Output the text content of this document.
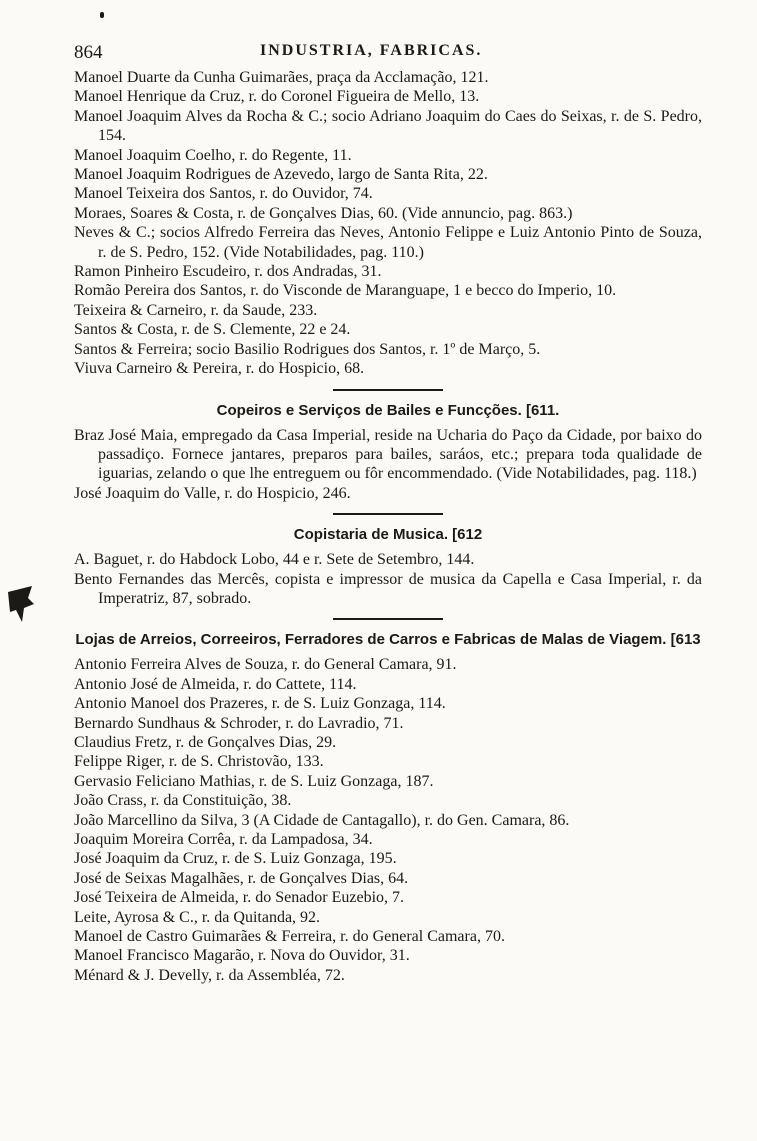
864	INDUSTRIA, FABRICAS.
Manoel Duarte da Cunha Guimarães, praça da Acclamação, 121.
Manoel Henrique da Cruz, r. do Coronel Figueira de Mello, 13.
Manoel Joaquim Alves da Rocha & C.; socio Adriano Joaquim do Caes do Seixas, r. de S. Pedro, 154.
Manoel Joaquim Coelho, r. do Regente, 11.
Manoel Joaquim Rodrigues de Azevedo, largo de Santa Rita, 22.
Manoel Teixeira dos Santos, r. do Ouvidor, 74.
Moraes, Soares & Costa, r. de Gonçalves Dias, 60. (Vide annuncio, pag. 863.)
Neves & C.; socios Alfredo Ferreira das Neves, Antonio Felippe e Luiz Antonio Pinto de Souza, r. de S. Pedro, 152. (Vide Notabilidades, pag. 110.)
Ramon Pinheiro Escudeiro, r. dos Andradas, 31.
Romão Pereira dos Santos, r. do Visconde de Maranguape, 1 e becco do Imperio, 10.
Teixeira & Carneiro, r. da Saude, 233.
Santos & Costa, r. de S. Clemente, 22 e 24.
Santos & Ferreira; socio Basilio Rodrigues dos Santos, r. 1º de Março, 5.
Viuva Carneiro & Pereira, r. do Hospicio, 68.
Copeiros e Serviços de Bailes e Funcções. [611.
Braz José Maia, empregado da Casa Imperial, reside na Ucharia do Paço da Cidade, por baixo do passadiço. Fornece jantares, preparos para bailes, saráos, etc.; prepara toda qualidade de iguarias, zelando o que lhe entreguem ou fôr encommendado. (Vide Notabilidades, pag. 118.)
José Joaquim do Valle, r. do Hospicio, 246.
Copistaria de Musica. [612
A. Baguet, r. do Habdock Lobo, 44 e r. Sete de Setembro, 144.
Bento Fernandes das Mercês, copista e impressor de musica da Capella e Casa Imperial, r. da Imperatriz, 87, sobrado.
Lojas de Arreios, Correeiros, Ferradores de Carros e Fabricas de Malas de Viagem. [613
Antonio Ferreira Alves de Souza, r. do General Camara, 91.
Antonio José de Almeida, r. do Cattete, 114.
Antonio Manoel dos Prazeres, r. de S. Luiz Gonzaga, 114.
Bernardo Sundhaus & Schroder, r. do Lavradio, 71.
Claudius Fretz, r. de Gonçalves Dias, 29.
Felippe Riger, r. de S. Christovão, 133.
Gervasio Feliciano Mathias, r. de S. Luiz Gonzaga, 187.
João Crass, r. da Constituição, 38.
João Marcellino da Silva, 3 (A Cidade de Cantagallo), r. do Gen. Camara, 86.
Joaquim Moreira Corrêa, r. da Lampadosa, 34.
José Joaquim da Cruz, r. de S. Luiz Gonzaga, 195.
José de Seixas Magalhães, r. de Gonçalves Dias, 64.
José Teixeira de Almeida, r. do Senador Euzebio, 7.
Leite, Ayrosa & C., r. da Quitanda, 92.
Manoel de Castro Guimarães & Ferreira, r. do General Camara, 70.
Manoel Francisco Magarão, r. Nova do Ouvidor, 31.
Ménard & J. Develly, r. da Assembléa, 72.
